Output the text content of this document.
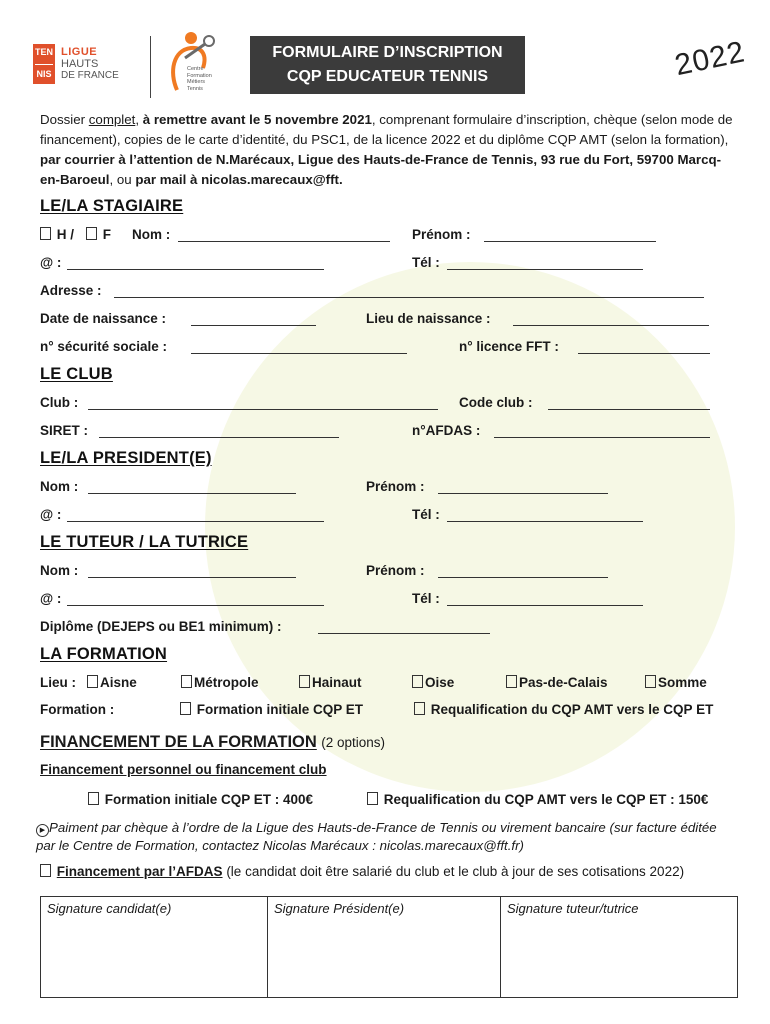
TEN
NIS
LIGUE
HAUTS
DE FRANCE
Centre
Formation
Métiers
Tennis
FORMULAIRE D’INSCRIPTION
CQP EDUCATEUR TENNIS	2022
Dossier complet, à remettre avant le 5 novembre 2021, comprenant formulaire d’inscription, chèque (selon mode de financement), copies de le carte d’identité, du PSC1, de la licence 2022 et du diplôme CQP AMT (selon la formation), par courrier à l’attention de N.Marécaux, Ligue des Hauts-de-France de Tennis, 93 rue du Fort, 59700 Marcq-en-Baroeul, ou par mail à nicolas.marecaux@fft.
LE/LA STAGIAIRE
H /	F Nom :	Prénom :
@ :	Tél :
Adresse :
Date de naissance :	Lieu de naissance :
n° sécurité sociale :	n° licence FFT :
LE CLUB
Club :	Code club :
SIRET :	n°AFDAS :
LE/LA PRESIDENT(E)
Nom :	Prénom :
@ :	Tél :
LE TUTEUR / LA TUTRICE
Nom :	Prénom :
@ :	Tél :
Diplôme (DEJEPS ou BE1 minimum) :
LA FORMATION
Lieu :	Aisne	Métropole	Hainaut	Oise	Pas-de-Calais	Somme
Formation :	Formation initiale CQP ET	Requalification du CQP AMT vers le CQP ET
FINANCEMENT DE LA FORMATION (2 options)
Financement personnel ou financement club
Formation initiale CQP ET : 400€	Requalification du CQP AMT vers le CQP ET : 150€
▶ Paiment par chèque à l’ordre de la Ligue des Hauts-de-France de Tennis ou virement bancaire (sur facture éditée par le Centre de Formation, contactez Nicolas Marécaux : nicolas.marecaux@fft.fr)
Financement par l’AFDAS (le candidat doit être salarié du club et le club à jour de ses cotisations 2022)
Signature candidat(e)	Signature Président(e)	Signature tuteur/tutrice
